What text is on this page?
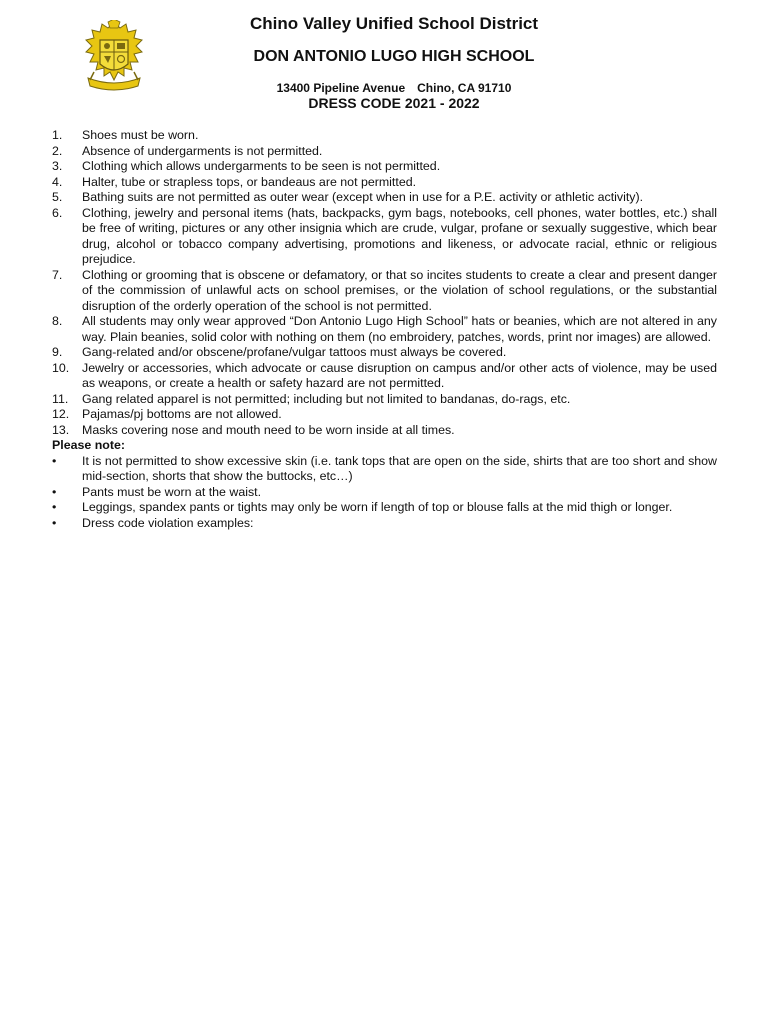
Chino Valley Unified School District
DON ANTONIO LUGO HIGH SCHOOL
13400 Pipeline Avenue Chino, CA 91710
DRESS CODE 2021 - 2022
1.	Shoes must be worn.
2.	Absence of undergarments is not permitted.
3.	Clothing which allows undergarments to be seen is not permitted.
4.	Halter, tube or strapless tops, or bandeaus are not permitted.
5.	Bathing suits are not permitted as outer wear (except when in use for a P.E. activity or athletic activity).
6.	Clothing, jewelry and personal items (hats, backpacks, gym bags, notebooks, cell phones, water bottles, etc.) shall be free of writing, pictures or any other insignia which are crude, vulgar, profane or sexually suggestive, which bear drug, alcohol or tobacco company advertising, promotions and likeness, or advocate racial, ethnic or religious prejudice.
7.	Clothing or grooming that is obscene or defamatory, or that so incites students to create a clear and present danger of the commission of unlawful acts on school premises, or the violation of school regulations, or the substantial disruption of the orderly operation of the school is not permitted.
8.	All students may only wear approved “Don Antonio Lugo High School” hats or beanies, which are not altered in any way. Plain beanies, solid color with nothing on them (no embroidery, patches, words, print nor images) are allowed.
9.	Gang-related and/or obscene/profane/vulgar tattoos must always be covered.
10.	Jewelry or accessories, which advocate or cause disruption on campus and/or other acts of violence, may be used as weapons, or create a health or safety hazard are not permitted.
11.	Gang related apparel is not permitted; including but not limited to bandanas, do-rags, etc.
12.	Pajamas/pj bottoms are not allowed.
13.	Masks covering nose and mouth need to be worn inside at all times.
Please note:
•	It is not permitted to show excessive skin (i.e. tank tops that are open on the side, shirts that are too short and show mid-section, shorts that show the buttocks, etc…)
•	Pants must be worn at the waist.
•	Leggings, spandex pants or tights may only be worn if length of top or blouse falls at the mid thigh or longer.
•	Dress code violation examples:
